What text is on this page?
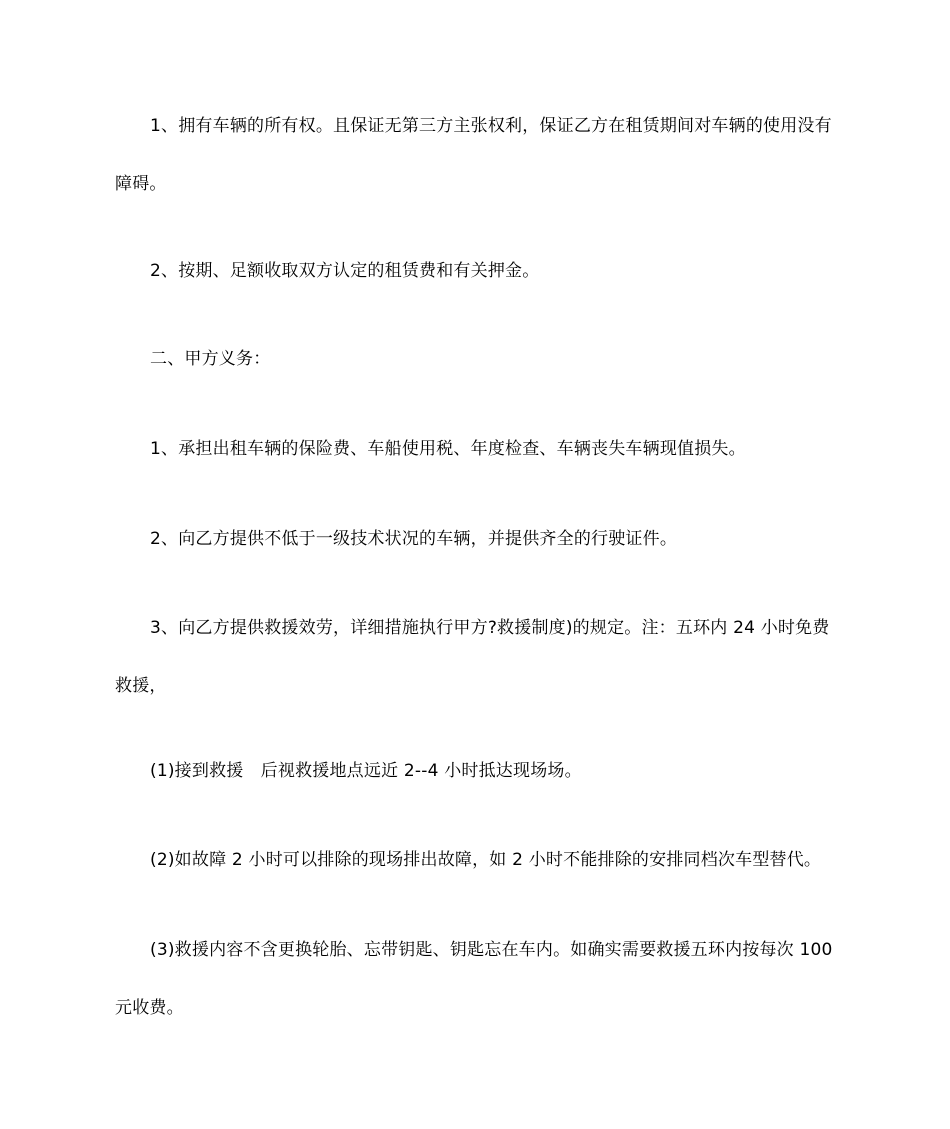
1、拥有车辆的所有权。且保证无第三方主张权利，保证乙方在租赁期间对车辆的使用没有障碍。

2、按期、足额收取双方认定的租赁费和有关押金。

二、甲方义务：

1、承担出租车辆的保险费、车船使用税、年度检查、车辆丧失车辆现值损失。

2、向乙方提供不低于一级技术状况的车辆，并提供齐全的行驶证件。

3、向乙方提供救援效劳，详细措施执行甲方?救援制度)的规定。注：五环内 24 小时免费救援，

(1)接到救援　后视救援地点远近 2--4 小时抵达现场场。

(2)如故障 2 小时可以排除的现场排出故障，如 2 小时不能排除的安排同档次车型替代。

(3)救援内容不含更换轮胎、忘带钥匙、钥匙忘在车内。如确实需要救援五环内按每次 100 元收费。
